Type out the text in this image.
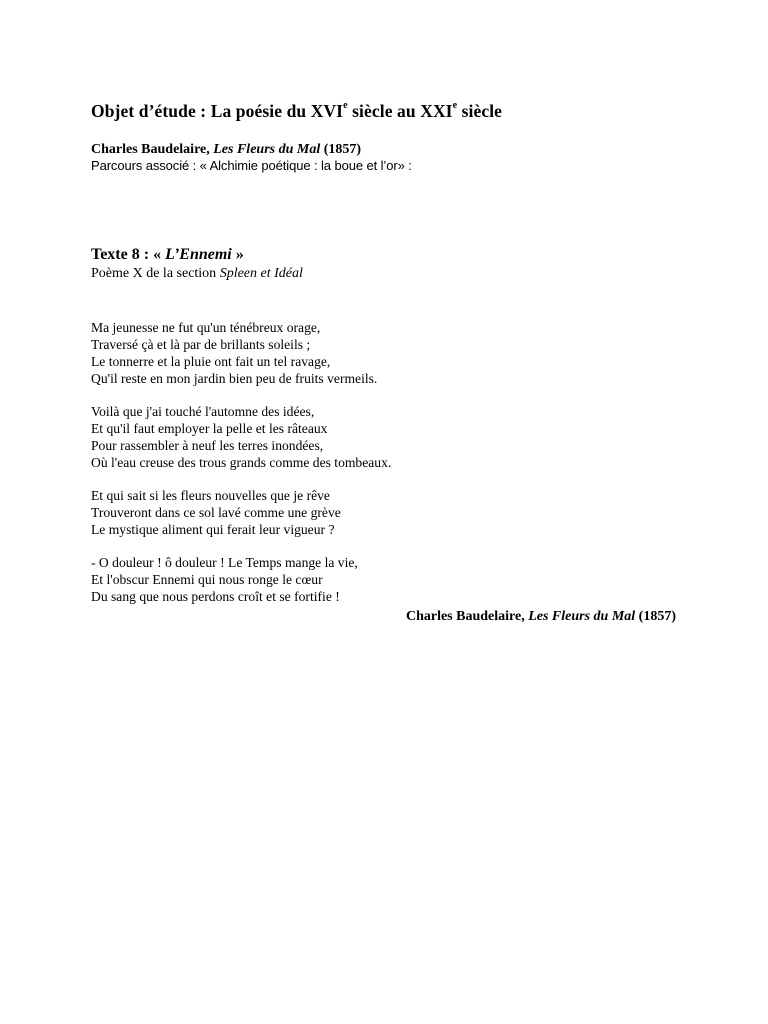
Objet d’étude : La poésie du XVIe siècle au XXIe siècle
Charles Baudelaire, Les Fleurs du Mal (1857)
Parcours associé : « Alchimie poétique : la boue et l’or» :
Texte 8 : « L’Ennemi »
Poème X de la section Spleen et Idéal
Ma jeunesse ne fut qu'un ténébreux orage,
Traversé çà et là par de brillants soleils ;
Le tonnerre et la pluie ont fait un tel ravage,
Qu'il reste en mon jardin bien peu de fruits vermeils.
Voilà que j'ai touché l'automne des idées,
Et qu'il faut employer la pelle et les râteaux
Pour rassembler à neuf les terres inondées,
Où l'eau creuse des trous grands comme des tombeaux.
Et qui sait si les fleurs nouvelles que je rêve
Trouveront dans ce sol lavé comme une grève
Le mystique aliment qui ferait leur vigueur ?
- O douleur ! ô douleur ! Le Temps mange la vie,
Et l'obscur Ennemi qui nous ronge le cœur
Du sang que nous perdons croît et se fortifie !
Charles Baudelaire, Les Fleurs du Mal (1857)
